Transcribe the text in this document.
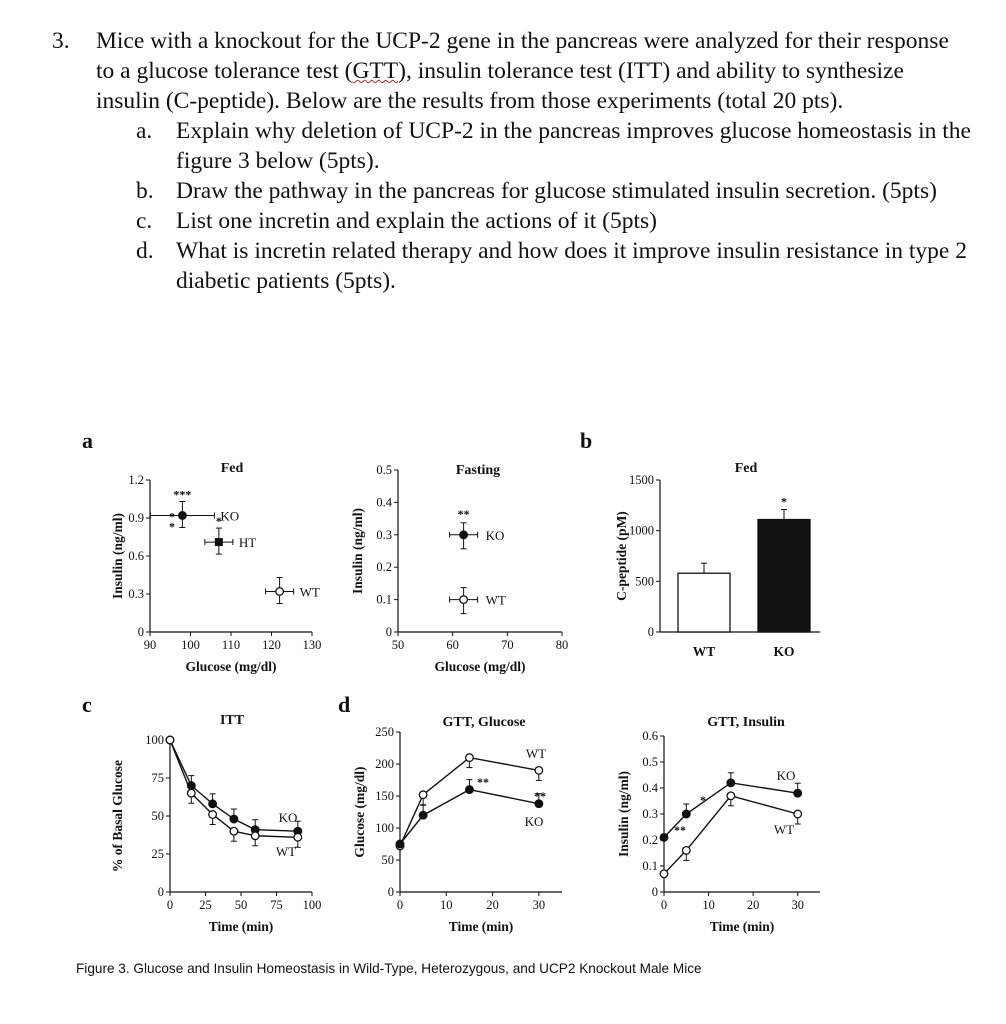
3. Mice with a knockout for the UCP-2 gene in the pancreas were analyzed for their response to a glucose tolerance test (GTT), insulin tolerance test (ITT) and ability to synthesize insulin (C-peptide). Below are the results from those experiments (total 20 pts).
a. Explain why deletion of UCP-2 in the pancreas improves glucose homeostasis in the figure 3 below (5pts).
b. Draw the pathway in the pancreas for glucose stimulated insulin secretion. (5pts)
c. List one incretin and explain the actions of it (5pts)
d. What is incretin related therapy and how does it improve insulin resistance in type 2 diabetic patients (5pts).
a	b
c	d
0
0.3
0.6
0.9
1.2
90 100 110 120 130
Fed
Glucose (mg/dl)
Insulin (ng/ml)
***
KO
*
HT
WT
*
*
0
0.1
0.2
0.3
0.4
0.5
50	60	70	80
Fasting
Glucose (mg/dl)
Insulin (ng/ml)	**
KO
WT
0
500
1000
1500
Fed
C-peptide (pM)
WT	KO
*
0
25
50
75
100
0 25 50 75 100
ITT
Time (min)
% of Basal Glucose	KO
WT
0
50
100
150
200
250
0	10	20	30
GTT, Glucose
Time (min)
Glucose (mg/dl)
WT
KO
**
**
0
0.1
0.2
0.3
0.4
0.5
0.6
0	10	20	30
GTT, Insulin
Time (min)
Insulin (ng/ml)	KO
WT
**
*
Figure 3. Glucose and Insulin Homeostasis in Wild-Type, Heterozygous, and UCP2 Knockout Male Mice
